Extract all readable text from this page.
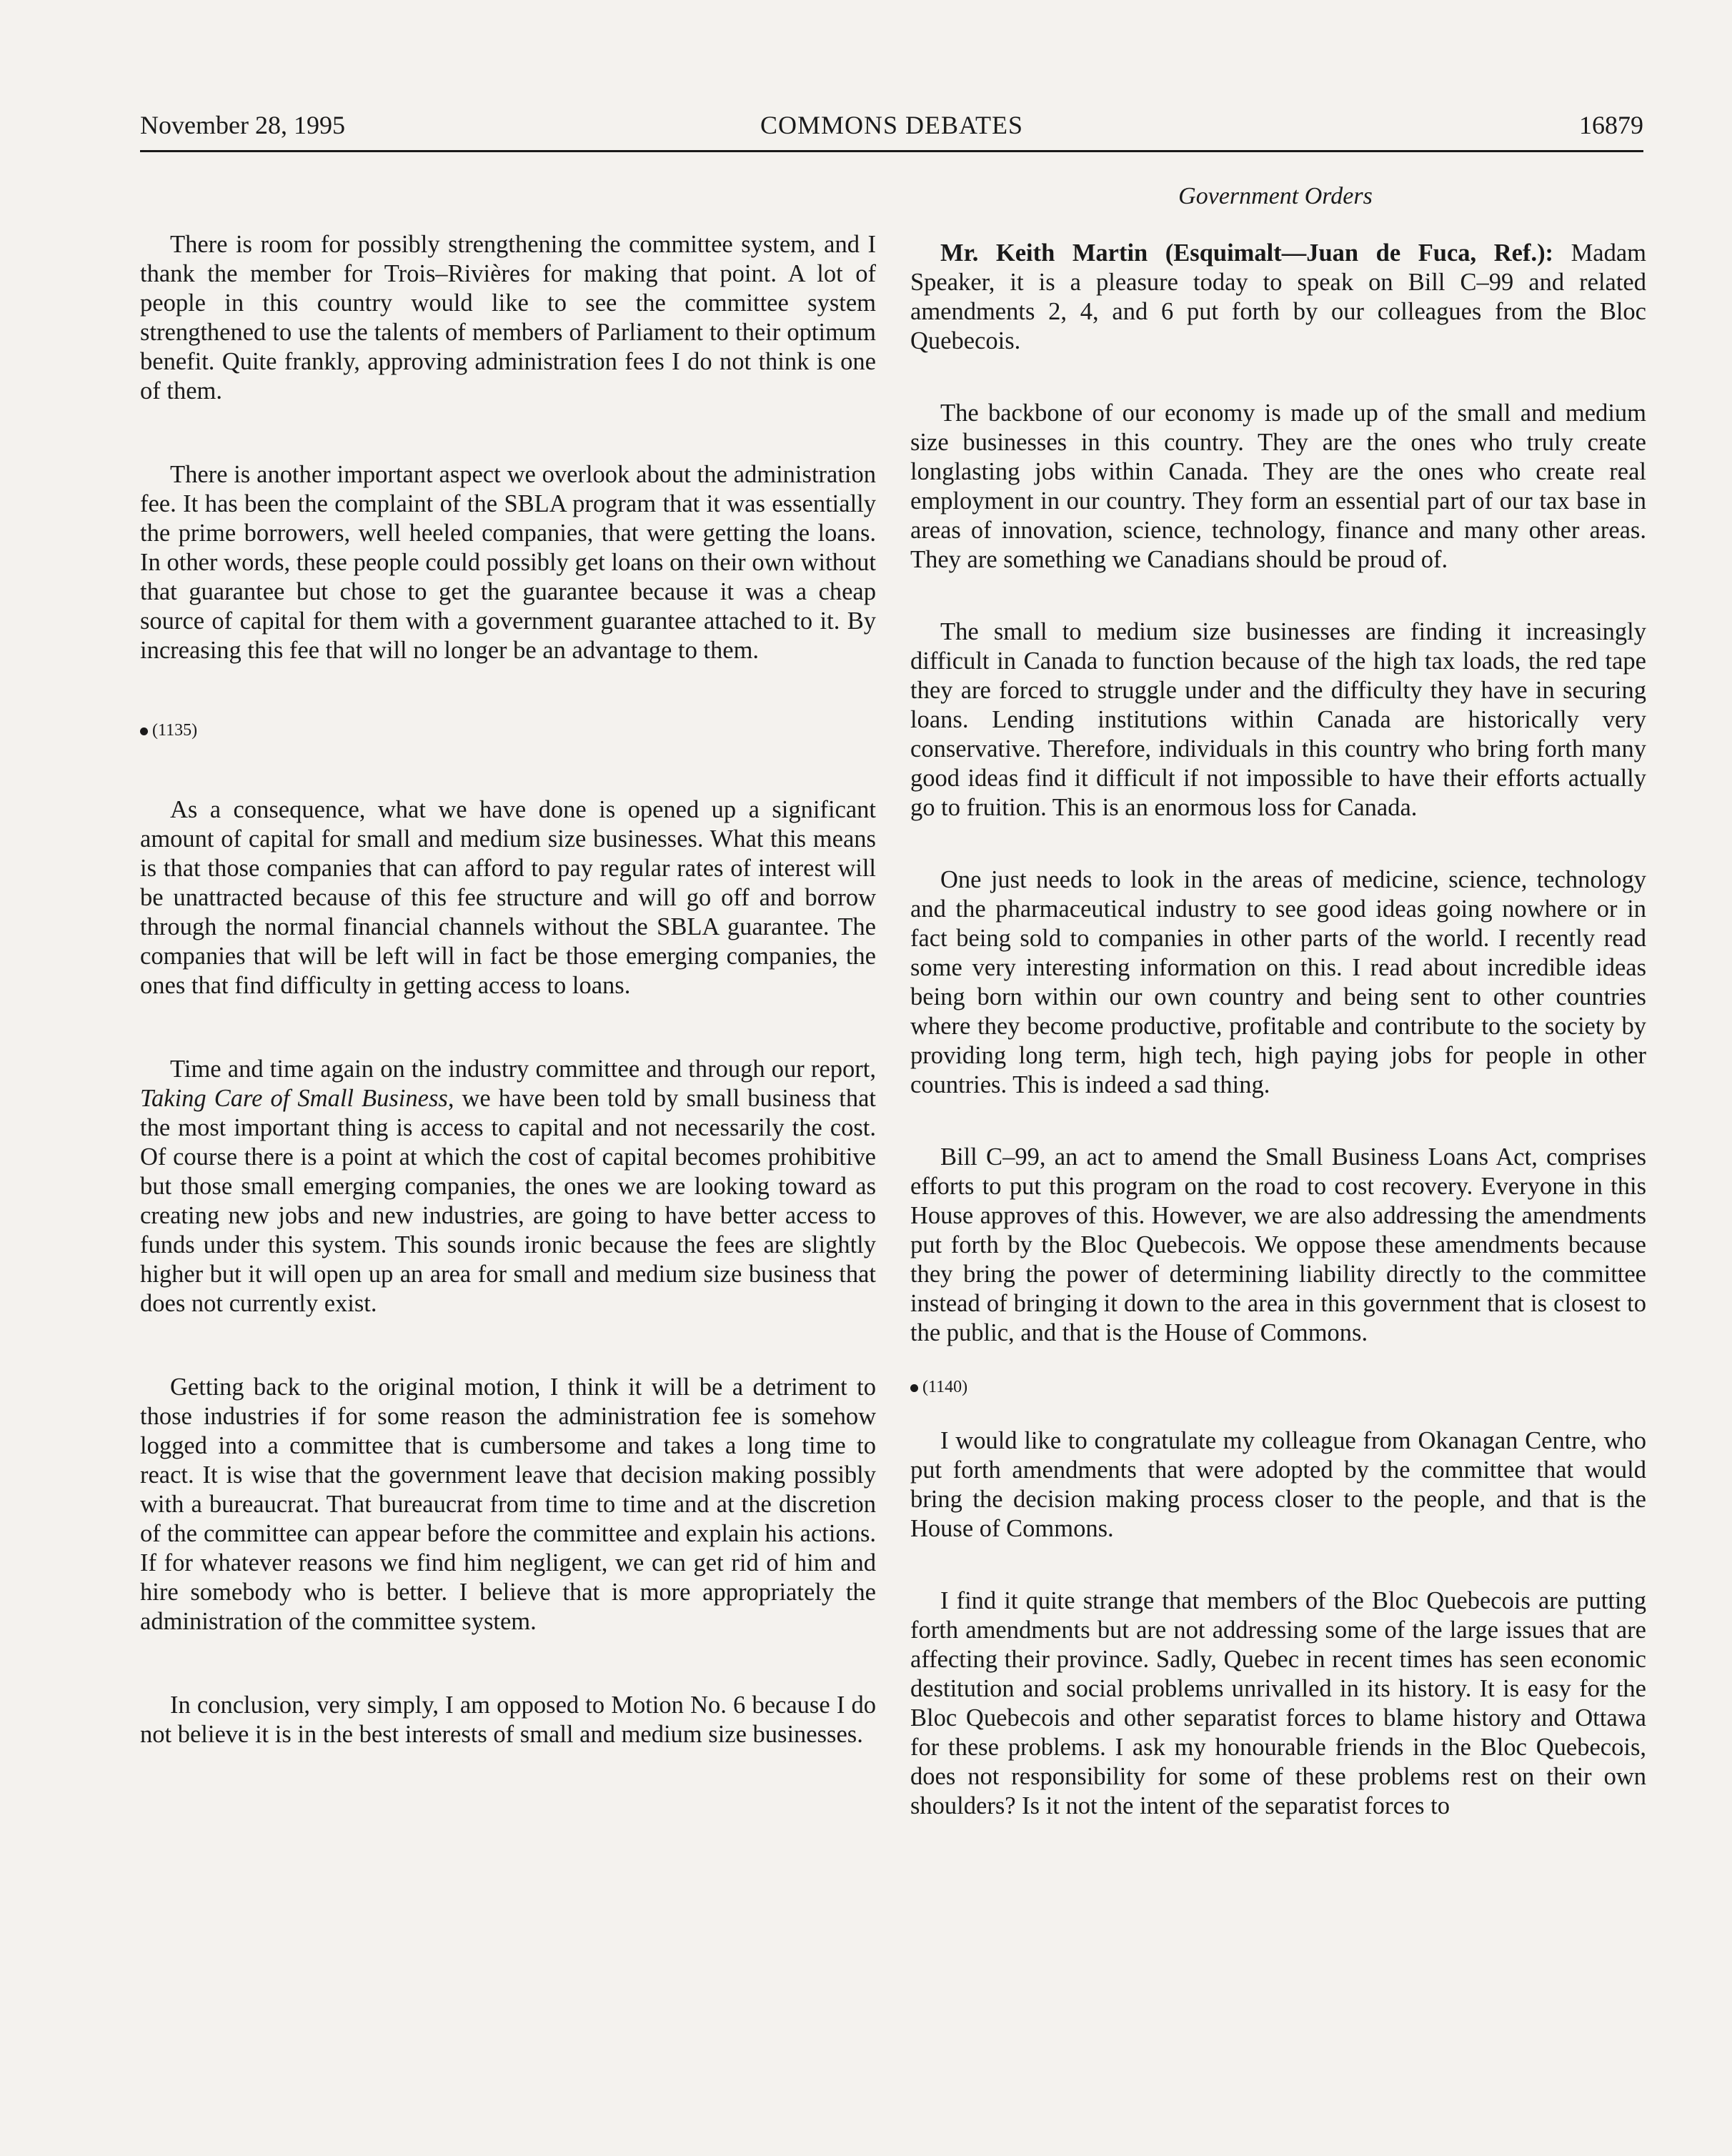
November 28, 1995	COMMONS DEBATES	16879
Government Orders

There is room for possibly strengthening the committee system, and I thank the member for Trois–Rivières for making that point. A lot of people in this country would like to see the committee system strengthened to use the talents of members of Parliament to their optimum benefit. Quite frankly, approving administration fees I do not think is one of them.

There is another important aspect we overlook about the administration fee. It has been the complaint of the SBLA program that it was essentially the prime borrowers, well heeled companies, that were getting the loans. In other words, these people could possibly get loans on their own without that guarantee but chose to get the guarantee because it was a cheap source of capital for them with a government guarantee attached to it. By increasing this fee that will no longer be an advantage to them.

(1135)

As a consequence, what we have done is opened up a significant amount of capital for small and medium size businesses. What this means is that those companies that can afford to pay regular rates of interest will be unattracted because of this fee structure and will go off and borrow through the normal financial channels without the SBLA guarantee. The companies that will be left will in fact be those emerging companies, the ones that find difficulty in getting access to loans.

Time and time again on the industry committee and through our report, Taking Care of Small Business, we have been told by small business that the most important thing is access to capital and not necessarily the cost. Of course there is a point at which the cost of capital becomes prohibitive but those small emerging companies, the ones we are looking toward as creating new jobs and new industries, are going to have better access to funds under this system. This sounds ironic because the fees are slightly higher but it will open up an area for small and medium size business that does not currently exist.

Getting back to the original motion, I think it will be a detriment to those industries if for some reason the administration fee is somehow logged into a committee that is cumbersome and takes a long time to react. It is wise that the government leave that decision making possibly with a bureaucrat. That bureaucrat from time to time and at the discretion of the committee can appear before the committee and explain his actions. If for whatever reasons we find him negligent, we can get rid of him and hire somebody who is better. I believe that is more appropriately the administration of the committee system.

In conclusion, very simply, I am opposed to Motion No. 6 because I do not believe it is in the best interests of small and medium size businesses.

Mr. Keith Martin (Esquimalt—Juan de Fuca, Ref.): Madam Speaker, it is a pleasure today to speak on Bill C–99 and related amendments 2, 4, and 6 put forth by our colleagues from the Bloc Quebecois.

The backbone of our economy is made up of the small and medium size businesses in this country. They are the ones who truly create longlasting jobs within Canada. They are the ones who create real employment in our country. They form an essential part of our tax base in areas of innovation, science, technology, finance and many other areas. They are something we Canadians should be proud of.

The small to medium size businesses are finding it increasingly difficult in Canada to function because of the high tax loads, the red tape they are forced to struggle under and the difficulty they have in securing loans. Lending institutions within Canada are historically very conservative. Therefore, individuals in this country who bring forth many good ideas find it difficult if not impossible to have their efforts actually go to fruition. This is an enormous loss for Canada.

One just needs to look in the areas of medicine, science, technology and the pharmaceutical industry to see good ideas going nowhere or in fact being sold to companies in other parts of the world. I recently read some very interesting information on this. I read about incredible ideas being born within our own country and being sent to other countries where they become productive, profitable and contribute to the society by providing long term, high tech, high paying jobs for people in other countries. This is indeed a sad thing.

Bill C–99, an act to amend the Small Business Loans Act, comprises efforts to put this program on the road to cost recovery. Everyone in this House approves of this. However, we are also addressing the amendments put forth by the Bloc Quebecois. We oppose these amendments because they bring the power of determining liability directly to the committee instead of bringing it down to the area in this government that is closest to the public, and that is the House of Commons.

(1140)

I would like to congratulate my colleague from Okanagan Centre, who put forth amendments that were adopted by the committee that would bring the decision making process closer to the people, and that is the House of Commons.

I find it quite strange that members of the Bloc Quebecois are putting forth amendments but are not addressing some of the large issues that are affecting their province. Sadly, Quebec in recent times has seen economic destitution and social problems unrivalled in its history. It is easy for the Bloc Quebecois and other separatist forces to blame history and Ottawa for these problems. I ask my honourable friends in the Bloc Quebecois, does not responsibility for some of these problems rest on their own shoulders? Is it not the intent of the separatist forces to
